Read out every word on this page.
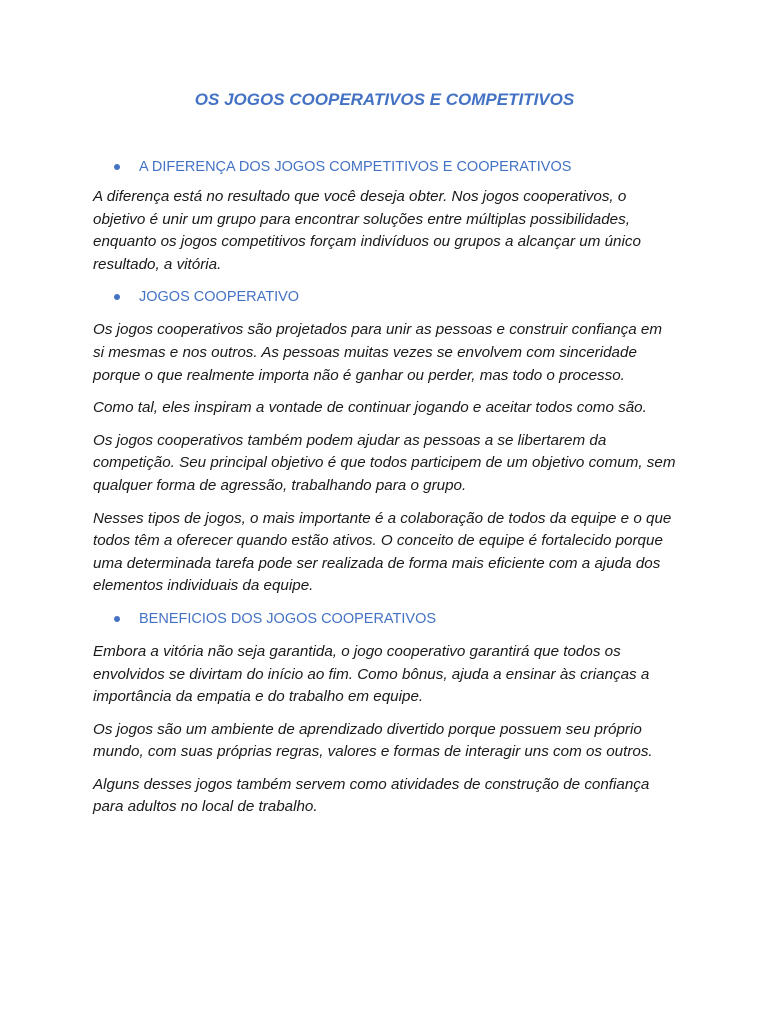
OS JOGOS COOPERATIVOS E COMPETITIVOS
A DIFERENÇA DOS JOGOS COMPETITIVOS E COOPERATIVOS

A diferença está no resultado que você deseja obter. Nos jogos cooperativos, o objetivo é unir um grupo para encontrar soluções entre múltiplas possibilidades, enquanto os jogos competitivos forçam indivíduos ou grupos a alcançar um único resultado, a vitória.

JOGOS COOPERATIVO

Os jogos cooperativos são projetados para unir as pessoas e construir confiança em si mesmas e nos outros. As pessoas muitas vezes se envolvem com sinceridade porque o que realmente importa não é ganhar ou perder, mas todo o processo.

Como tal, eles inspiram a vontade de continuar jogando e aceitar todos como são.

Os jogos cooperativos também podem ajudar as pessoas a se libertarem da competição. Seu principal objetivo é que todos participem de um objetivo comum, sem qualquer forma de agressão, trabalhando para o grupo.

Nesses tipos de jogos, o mais importante é a colaboração de todos da equipe e o que todos têm a oferecer quando estão ativos. O conceito de equipe é fortalecido porque uma determinada tarefa pode ser realizada de forma mais eficiente com a ajuda dos elementos individuais da equipe.

BENEFICIOS DOS JOGOS COOPERATIVOS

Embora a vitória não seja garantida, o jogo cooperativo garantirá que todos os envolvidos se divirtam do início ao fim. Como bônus, ajuda a ensinar às crianças a importância da empatia e do trabalho em equipe.

Os jogos são um ambiente de aprendizado divertido porque possuem seu próprio mundo, com suas próprias regras, valores e formas de interagir uns com os outros.

Alguns desses jogos também servem como atividades de construção de confiança para adultos no local de trabalho.
